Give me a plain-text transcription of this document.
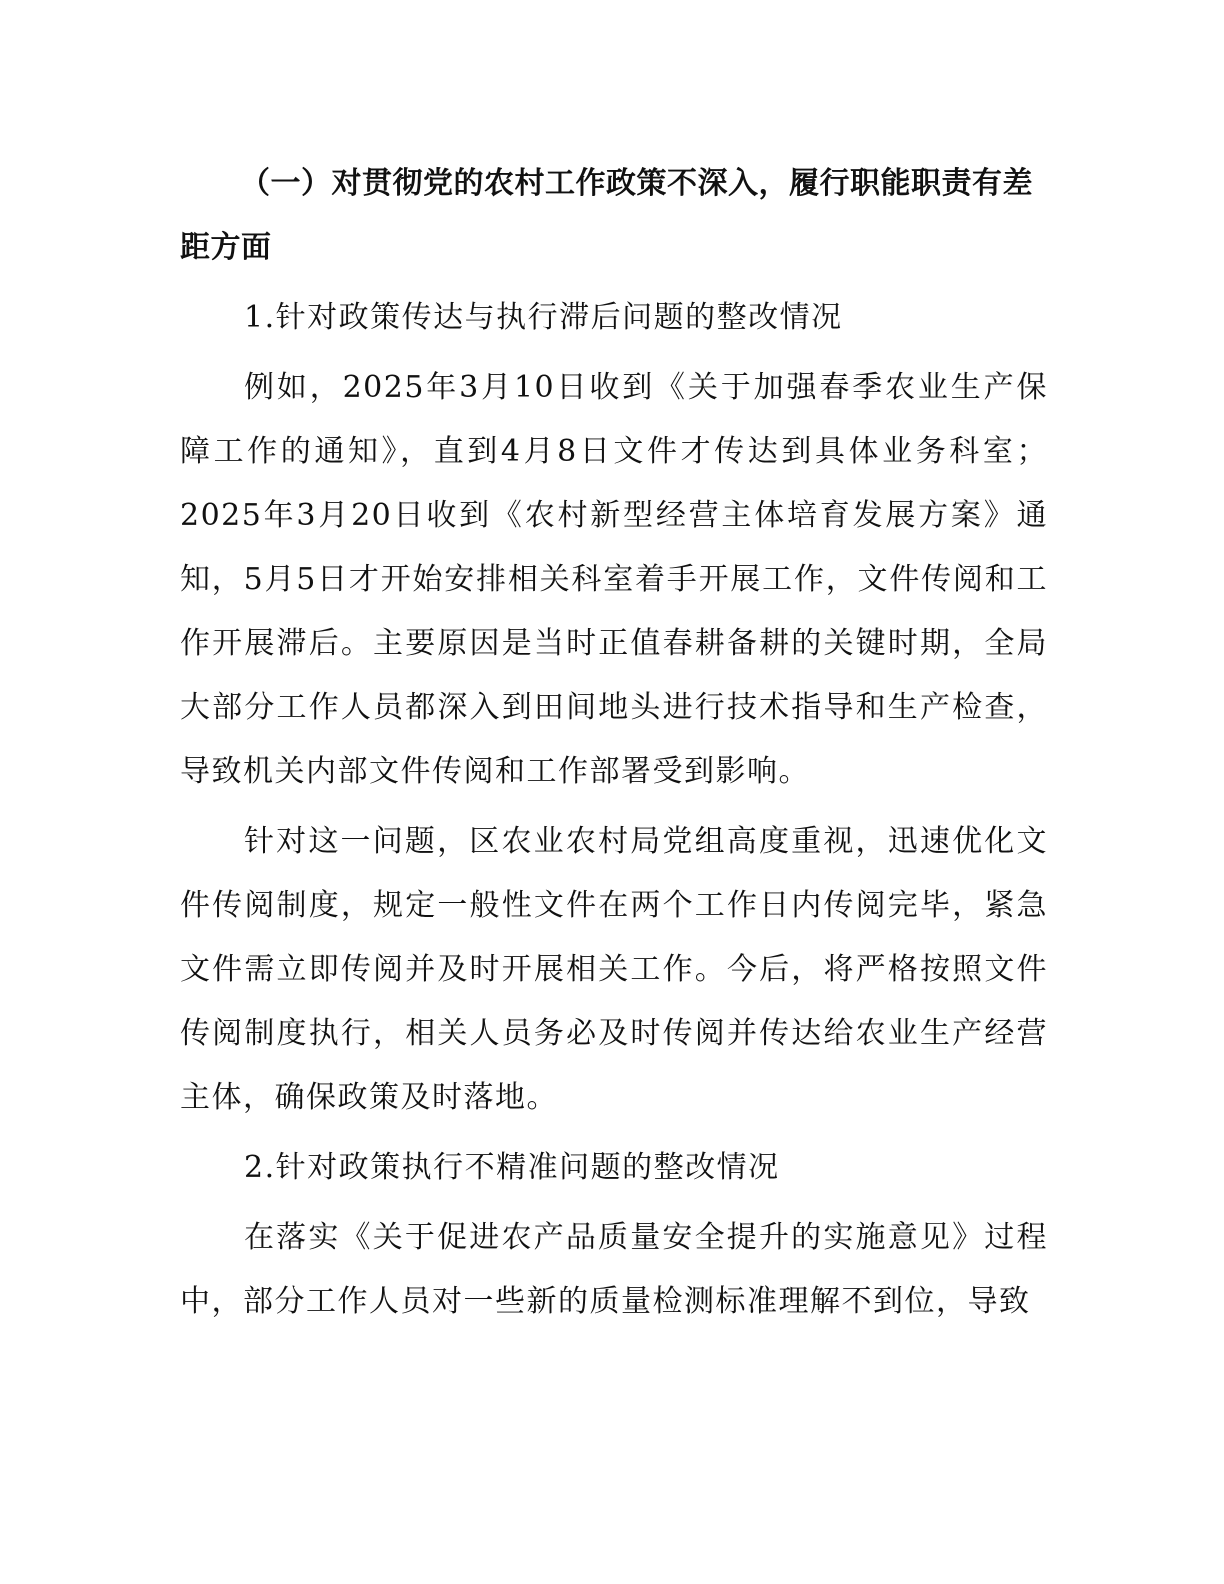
（一）对贯彻党的农村工作政策不深入，履行职能职责有差距方面

1.针对政策传达与执行滞后问题的整改情况

例如，2025年3月10日收到《关于加强春季农业生产保障工作的通知》，直到4月8日文件才传达到具体业务科室；2025年3月20日收到《农村新型经营主体培育发展方案》通知，5月5日才开始安排相关科室着手开展工作，文件传阅和工作开展滞后。主要原因是当时正值春耕备耕的关键时期，全局大部分工作人员都深入到田间地头进行技术指导和生产检查，导致机关内部文件传阅和工作部署受到影响。

针对这一问题，区农业农村局党组高度重视，迅速优化文件传阅制度，规定一般性文件在两个工作日内传阅完毕，紧急文件需立即传阅并及时开展相关工作。今后，将严格按照文件传阅制度执行，相关人员务必及时传阅并传达给农业生产经营主体，确保政策及时落地。

2.针对政策执行不精准问题的整改情况

在落实《关于促进农产品质量安全提升的实施意见》过程中，部分工作人员对一些新的质量检测标准理解不到位，导致
